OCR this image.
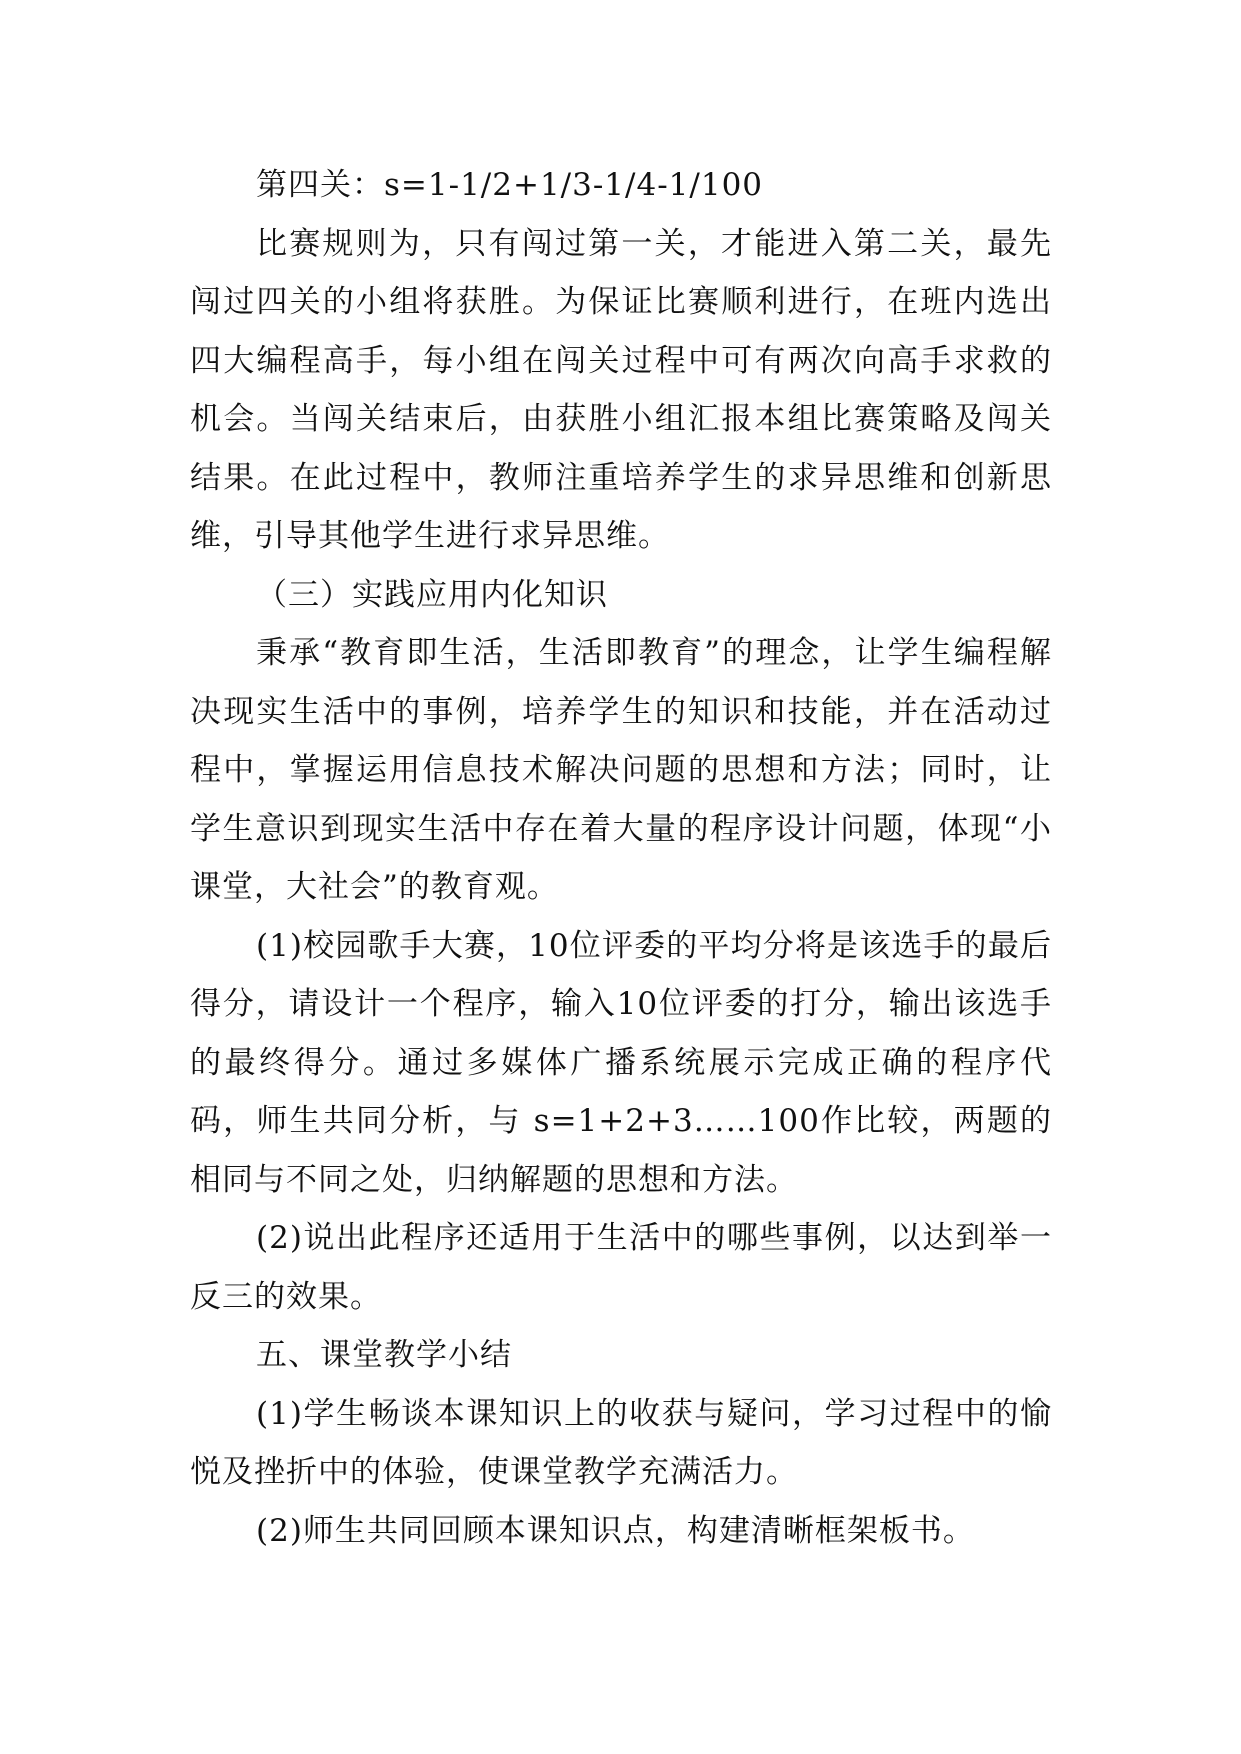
第四关：s=1-1/2+1/3-1/4-1/100

比赛规则为，只有闯过第一关，才能进入第二关，最先闯过四关的小组将获胜。为保证比赛顺利进行，在班内选出四大编程高手，每小组在闯关过程中可有两次向高手求救的机会。当闯关结束后，由获胜小组汇报本组比赛策略及闯关结果。在此过程中，教师注重培养学生的求异思维和创新思维，引导其他学生进行求异思维。

（三）实践应用内化知识

秉承“教育即生活，生活即教育”的理念，让学生编程解决现实生活中的事例，培养学生的知识和技能，并在活动过程中，掌握运用信息技术解决问题的思想和方法；同时，让学生意识到现实生活中存在着大量的程序设计问题，体现“小课堂，大社会”的教育观。

(1)校园歌手大赛，10位评委的平均分将是该选手的最后得分，请设计一个程序，输入10位评委的打分，输出该选手的最终得分。通过多媒体广播系统展示完成正确的程序代码，师生共同分析，与 s=1+2+3……100作比较，两题的相同与不同之处，归纳解题的思想和方法。

(2)说出此程序还适用于生活中的哪些事例，以达到举一反三的效果。

五、课堂教学小结

(1)学生畅谈本课知识上的收获与疑问，学习过程中的愉悦及挫折中的体验，使课堂教学充满活力。

(2)师生共同回顾本课知识点，构建清晰框架板书。
